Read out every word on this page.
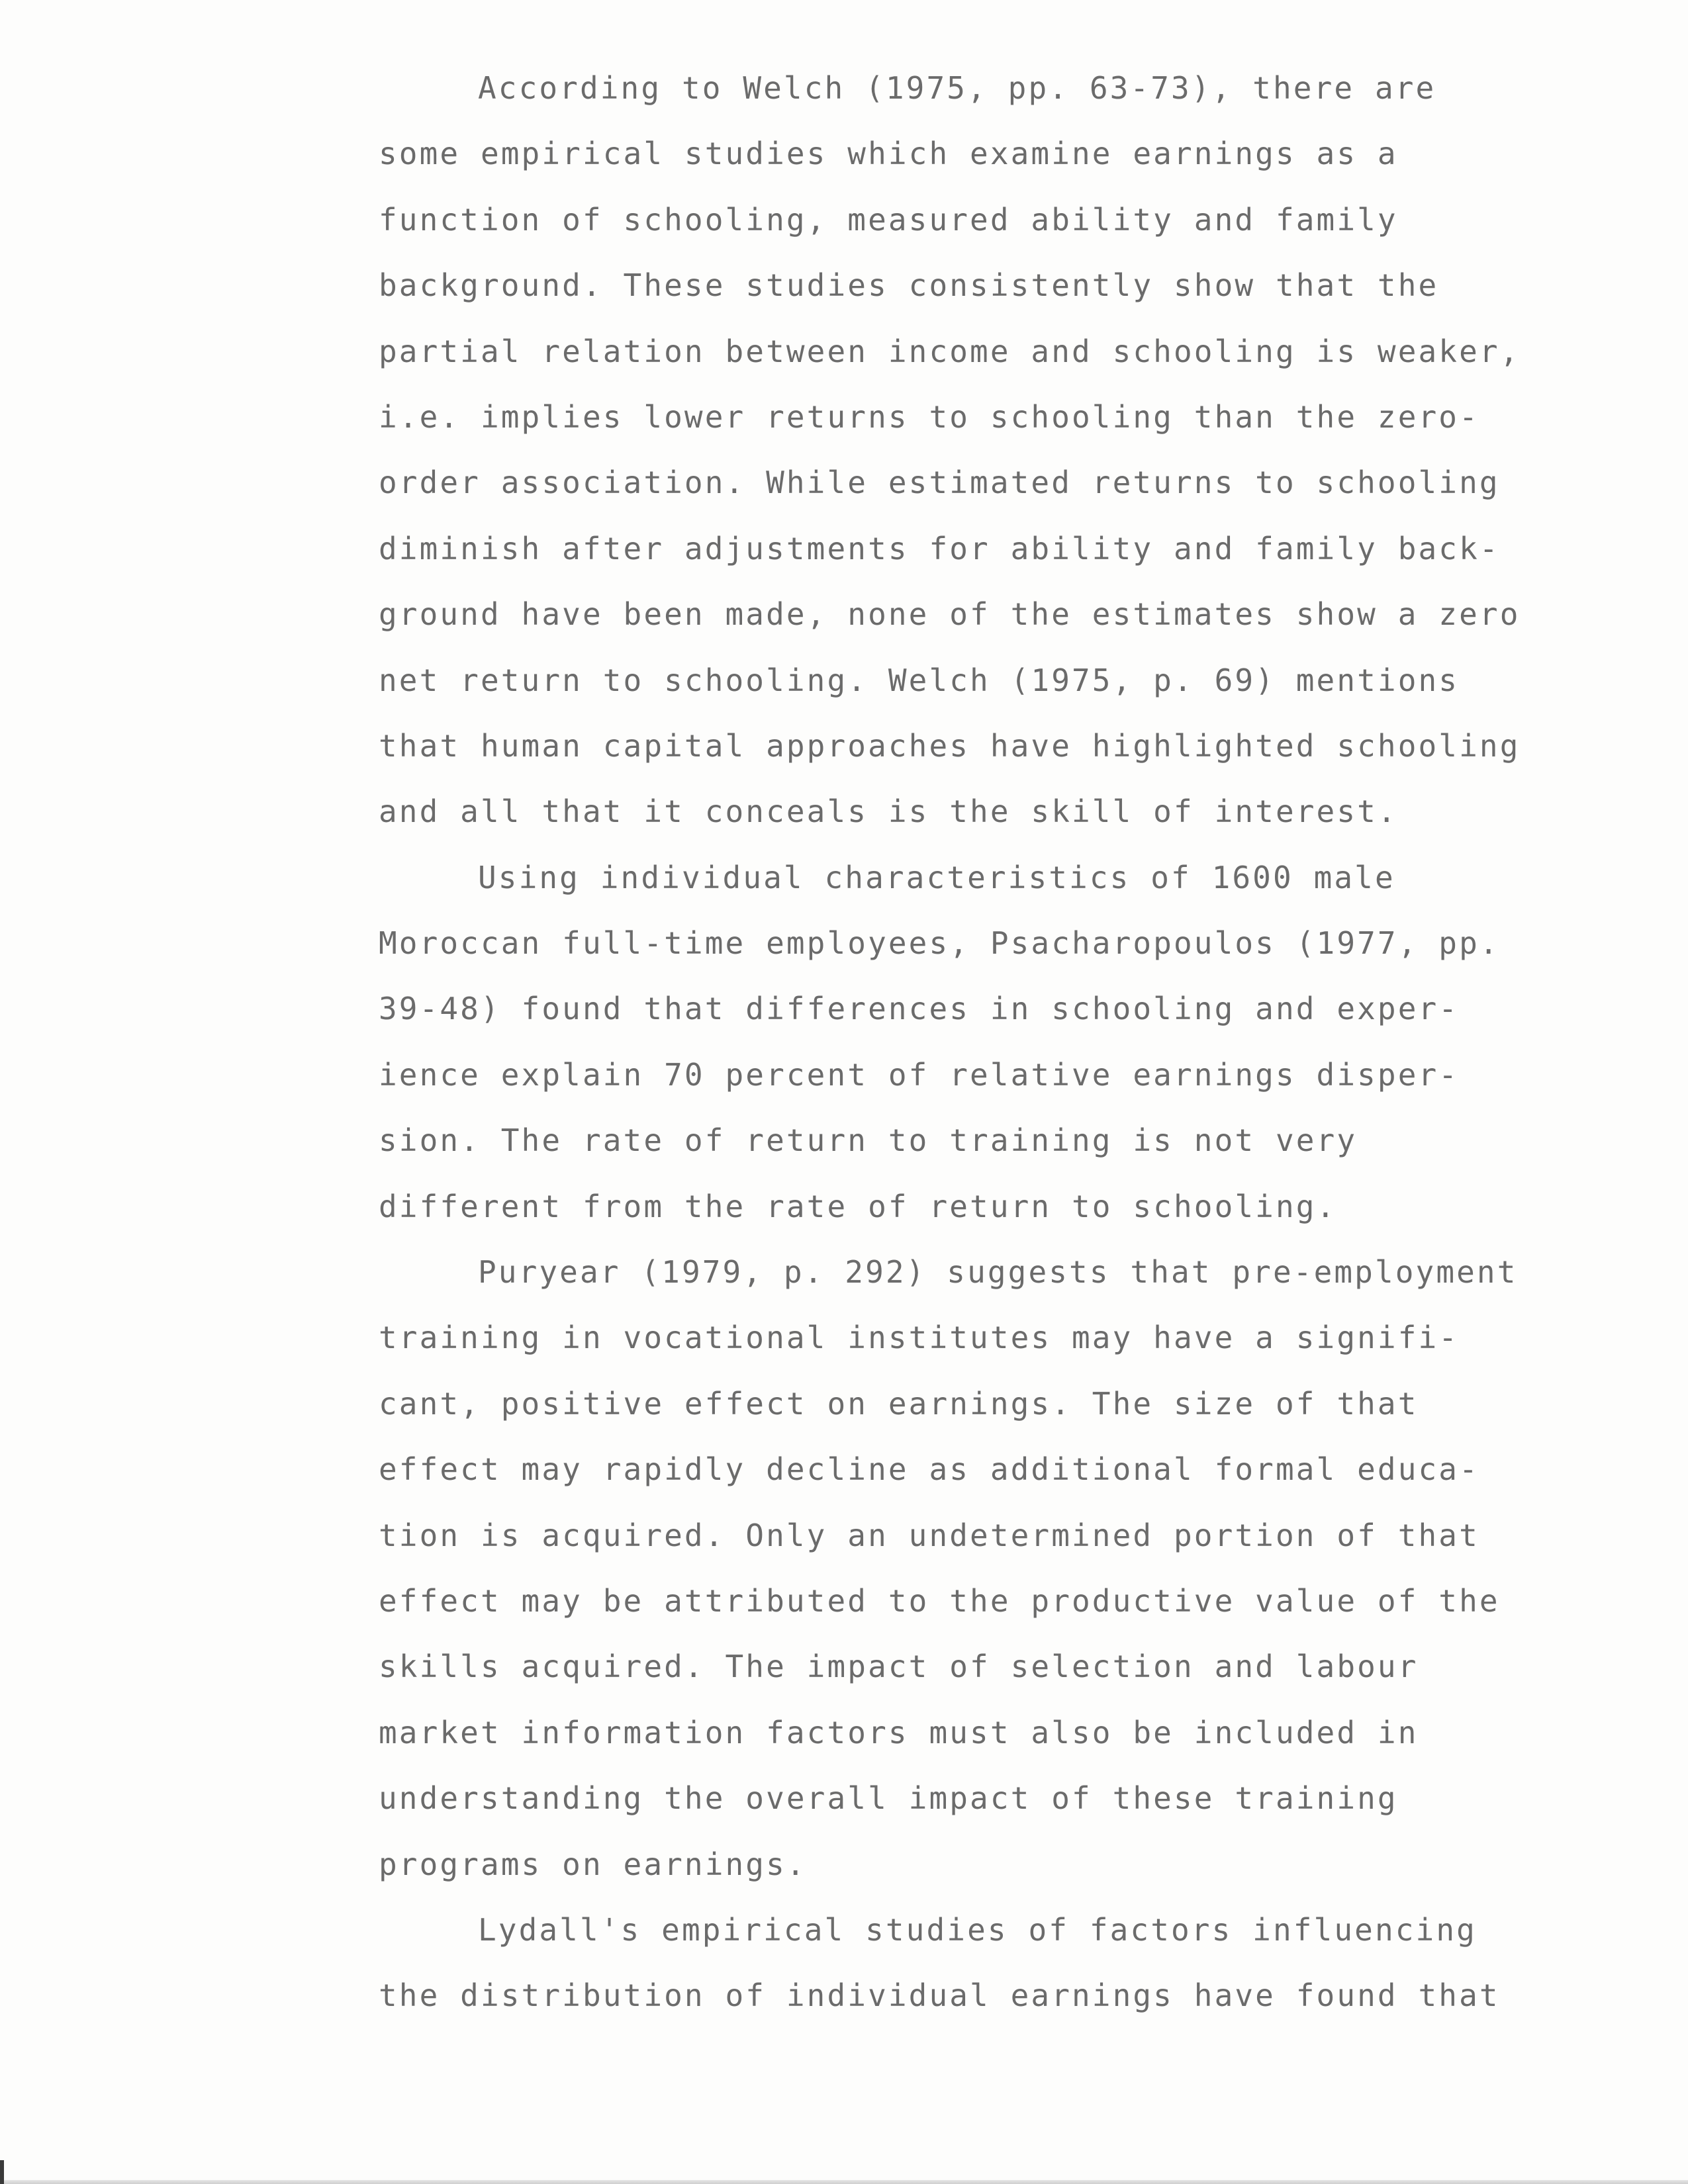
According to Welch (1975, pp. 63-73), there are
some empirical studies which examine earnings as a
function of schooling, measured ability and family
background. These studies consistently show that the
partial relation between income and schooling is weaker,
i.e. implies lower returns to schooling than the zero-
order association. While estimated returns to schooling
diminish after adjustments for ability and family back-
ground have been made, none of the estimates show a zero
net return to schooling. Welch (1975, p. 69) mentions
that human capital approaches have highlighted schooling
and all that it conceals is the skill of interest.
Using individual characteristics of 1600 male
Moroccan full-time employees, Psacharopoulos (1977, pp.
39-48) found that differences in schooling and exper-
ience explain 70 percent of relative earnings disper-
sion. The rate of return to training is not very
different from the rate of return to schooling.
Puryear (1979, p. 292) suggests that pre-employment
training in vocational institutes may have a signifi-
cant, positive effect on earnings. The size of that
effect may rapidly decline as additional formal educa-
tion is acquired. Only an undetermined portion of that
effect may be attributed to the productive value of the
skills acquired. The impact of selection and labour
market information factors must also be included in
understanding the overall impact of these training
programs on earnings.
Lydall's empirical studies of factors influencing
the distribution of individual earnings have found that
